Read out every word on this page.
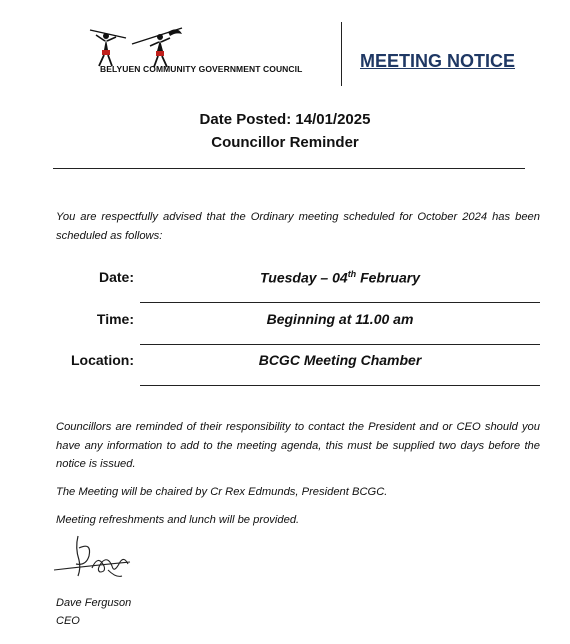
BELYUEN COMMUNITY GOVERNMENT COUNCIL	MEETING NOTICE
Date Posted: 14/01/2025
Councillor Reminder
You are respectfully advised that the Ordinary meeting scheduled for October 2024 has been scheduled as follows:
Date:	Tuesday – 04th February
Time:	Beginning at 11.00 am
Location:	BCGC Meeting Chamber
Councillors are reminded of their responsibility to contact the President and or CEO should you have any information to add to the meeting agenda, this must be supplied two days before the notice is issued.
The Meeting will be chaired by Cr Rex Edmunds, President BCGC.
Meeting refreshments and lunch will be provided.
Dave Ferguson
CEO
